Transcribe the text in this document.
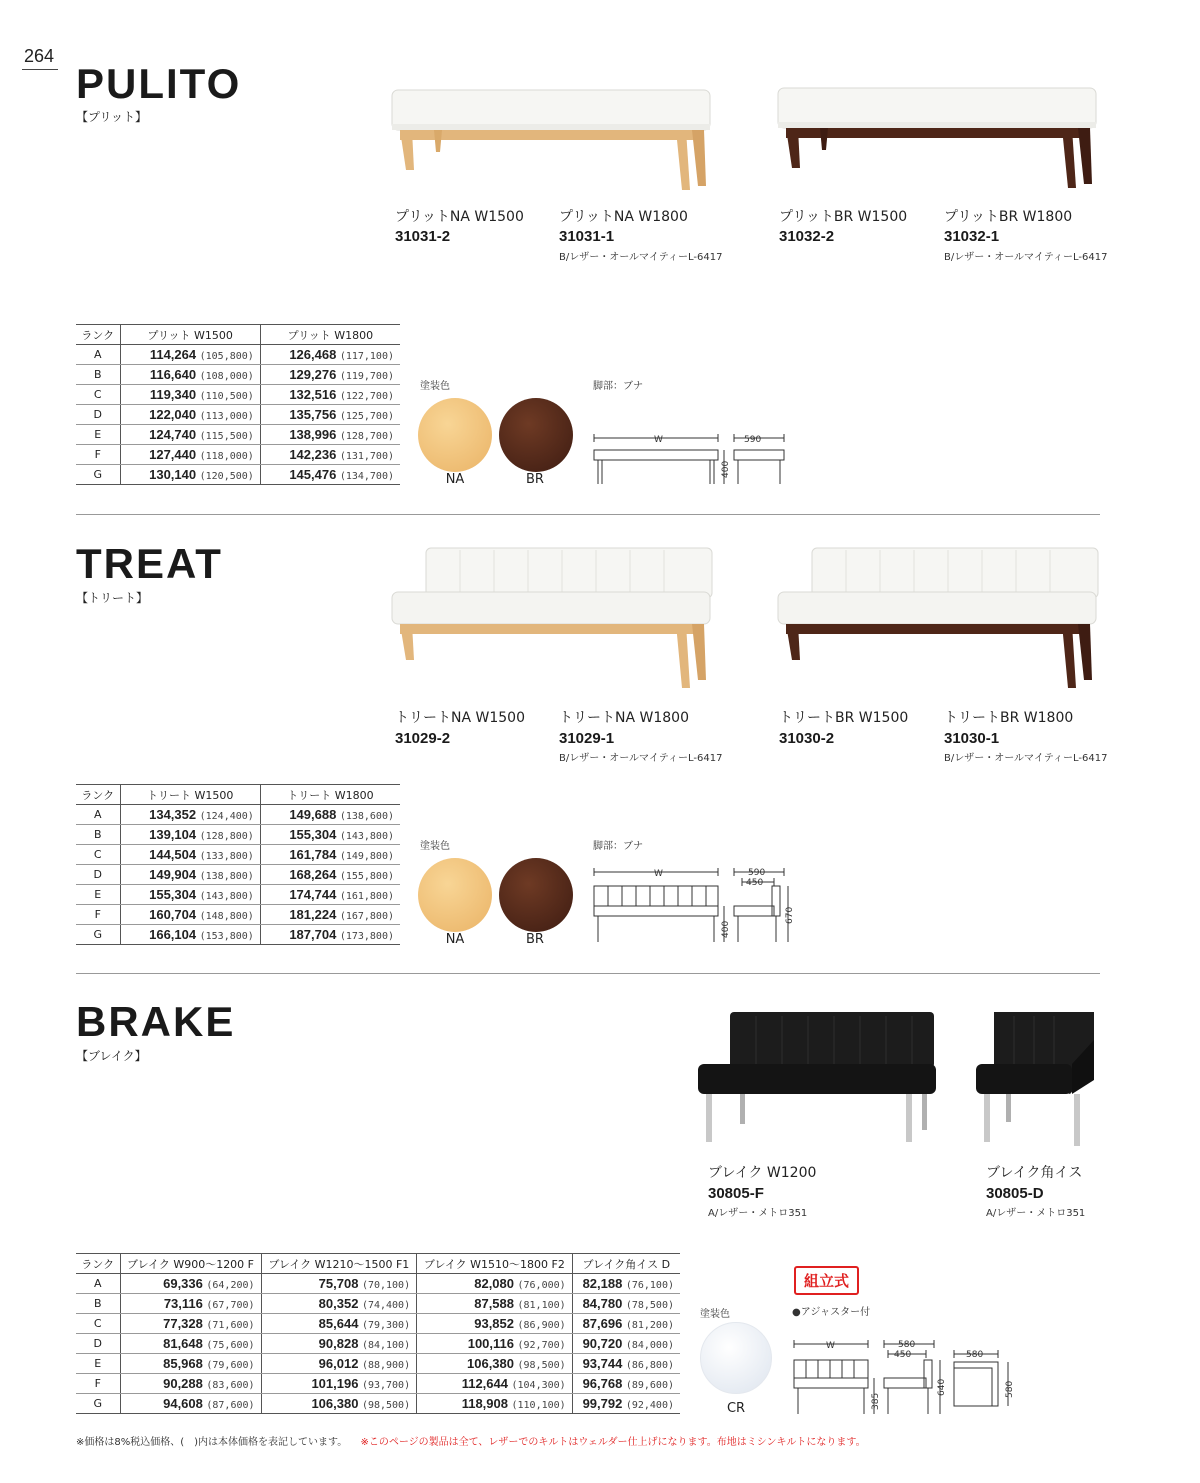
264
PULITO
【プリット】
プリットNA W1500
31031-2
プリットNA W1800
31031-1
B/レザー・オールマイティーL-6417
プリットBR W1500
31032-2
プリットBR W1800
31032-1
B/レザー・オールマイティーL-6417
ランク	プリット W1500	プリット W1800
A	114,264 (105,800)	126,468 (117,100)
B	116,640 (108,000)	129,276 (119,700)
C	119,340 (110,500)	132,516 (122,700)
D	122,040 (113,000)	135,756 (125,700)
E	124,740 (115,500)	138,996 (128,700)
F	127,440 (118,000)	142,236 (131,700)
G	130,140 (120,500)	145,476 (134,700)
塗装色
NA	BR
脚部：ブナ
W	590
400
TREAT
【トリート】
トリートNA W1500
31029-2
トリートNA W1800
31029-1
B/レザー・オールマイティーL-6417
トリートBR W1500
31030-2
トリートBR W1800
31030-1
B/レザー・オールマイティーL-6417
ランク	トリート W1500	トリート W1800
A	134,352 (124,400)	149,688 (138,600)
B	139,104 (128,800)	155,304 (143,800)
C	144,504 (133,800)	161,784 (149,800)
D	149,904 (138,800)	168,264 (155,800)
E	155,304 (143,800)	174,744 (161,800)
F	160,704 (148,800)	181,224 (167,800)
G	166,104 (153,800)	187,704 (173,800)
塗装色
NA	BR
脚部：ブナ
W	590
450
400
670
BRAKE
【ブレイク】
ブレイク W1200
30805-F
A/レザー・メトロ351
ブレイク角イス
30805-D
A/レザー・メトロ351
ランク	ブレイク W900～1200 F	ブレイク W1210～1500 F1	ブレイク W1510～1800 F2	ブレイク角イス D
A	69,336 (64,200)	75,708 (70,100)	82,080 (76,000)	82,188 (76,100)
B	73,116 (67,700)	80,352 (74,400)	87,588 (81,100)	84,780 (78,500)
C	77,328 (71,600)	85,644 (79,300)	93,852 (86,900)	87,696 (81,200)
D	81,648 (75,600)	90,828 (84,100)	100,116 (92,700)	90,720 (84,000)
E	85,968 (79,600)	96,012 (88,900)	106,380 (98,500)	93,744 (86,800)
F	90,288 (83,600)	101,196 (93,700)	112,644 (104,300)	96,768 (89,600)
G	94,608 (87,600)	106,380 (98,500)	118,908 (110,100)	99,792 (92,400)
塗装色
CR
組立式
●アジャスター付
W	580
450
385
640
580
580
※価格は8%税込価格、(　)内は本体価格を表記しています。 ※このページの製品は全て、レザーでのキルトはウェルダー仕上げになります。布地はミシンキルトになります。
